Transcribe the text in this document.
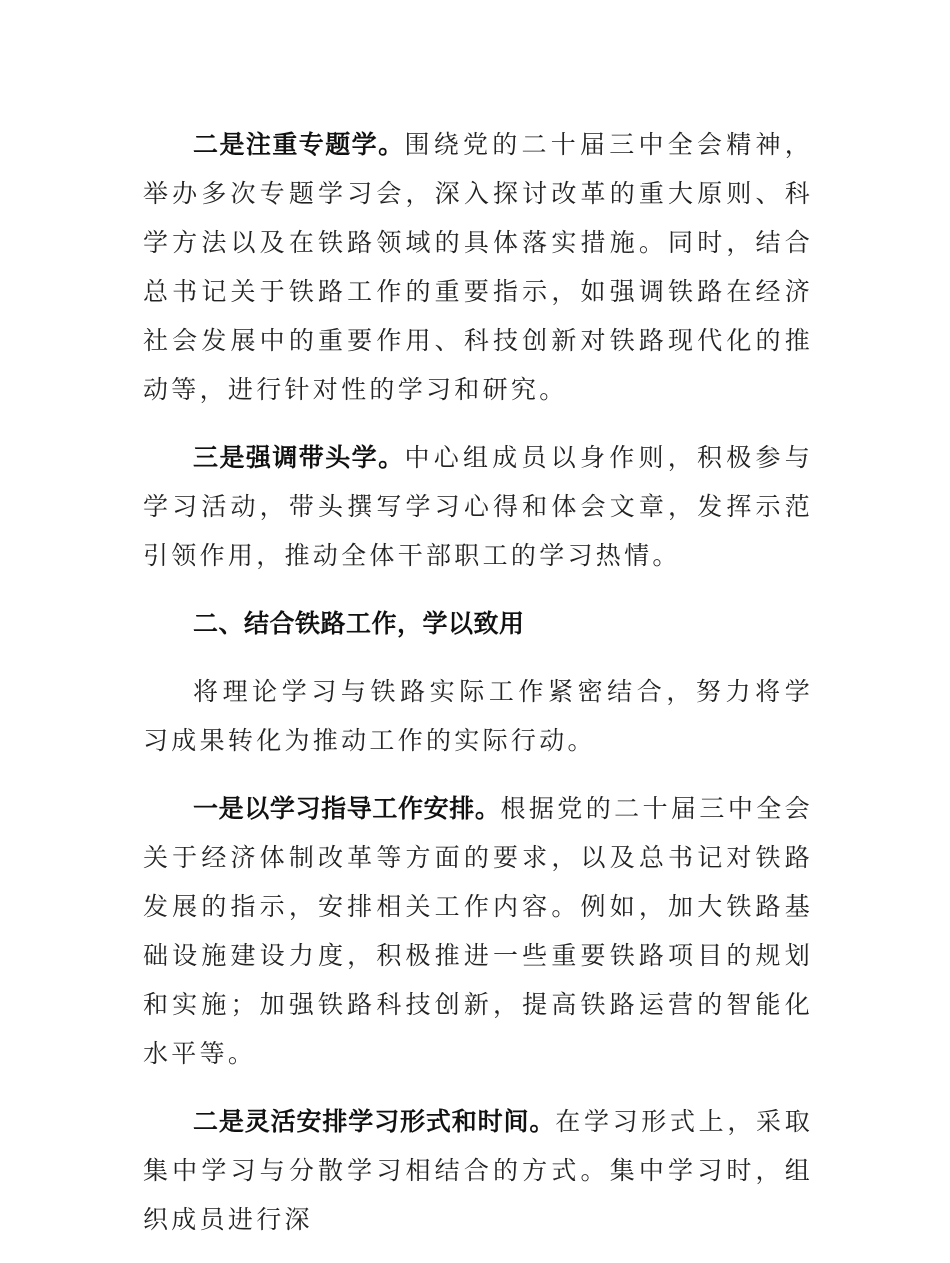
二是注重专题学。围绕党的二十届三中全会精神，举办多次专题学习会，深入探讨改革的重大原则、科学方法以及在铁路领域的具体落实措施。同时，结合总书记关于铁路工作的重要指示，如强调铁路在经济社会发展中的重要作用、科技创新对铁路现代化的推动等，进行针对性的学习和研究。

三是强调带头学。中心组成员以身作则，积极参与学习活动，带头撰写学习心得和体会文章，发挥示范引领作用，推动全体干部职工的学习热情。

二、结合铁路工作，学以致用

将理论学习与铁路实际工作紧密结合，努力将学习成果转化为推动工作的实际行动。

一是以学习指导工作安排。根据党的二十届三中全会关于经济体制改革等方面的要求，以及总书记对铁路发展的指示，安排相关工作内容。例如，加大铁路基础设施建设力度，积极推进一些重要铁路项目的规划和实施；加强铁路科技创新，提高铁路运营的智能化水平等。

二是灵活安排学习形式和时间。在学习形式上，采取集中学习与分散学习相结合的方式。集中学习时，组织成员进行深
